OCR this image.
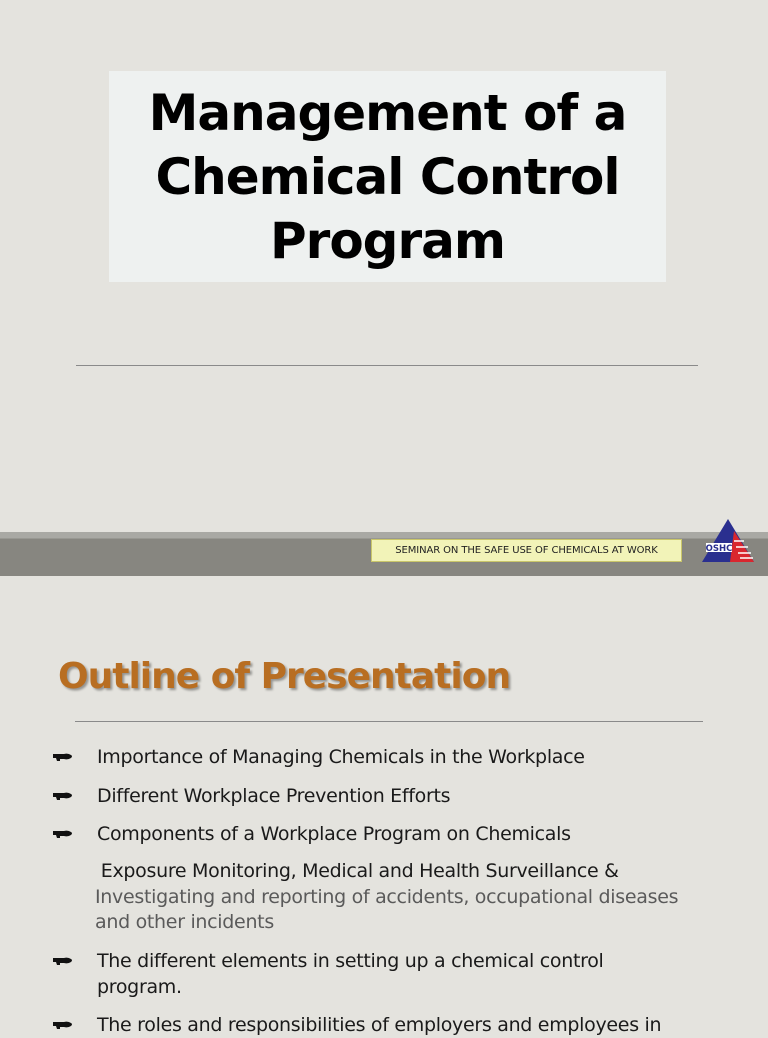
Management of a
Chemical Control
Program
SEMINAR ON THE SAFE USE OF CHEMICALS AT WORK	OSHC
Outline of Presentation
Importance of Managing Chemicals in the Workplace
Different Workplace Prevention Efforts
Components of a Workplace Program on Chemicals
Exposure Monitoring, Medical and Health Surveillance &
Investigating and reporting of accidents, occupational diseases
and other incidents
The different elements in setting up a chemical control
program.
The roles and responsibilities of employers and employees in
